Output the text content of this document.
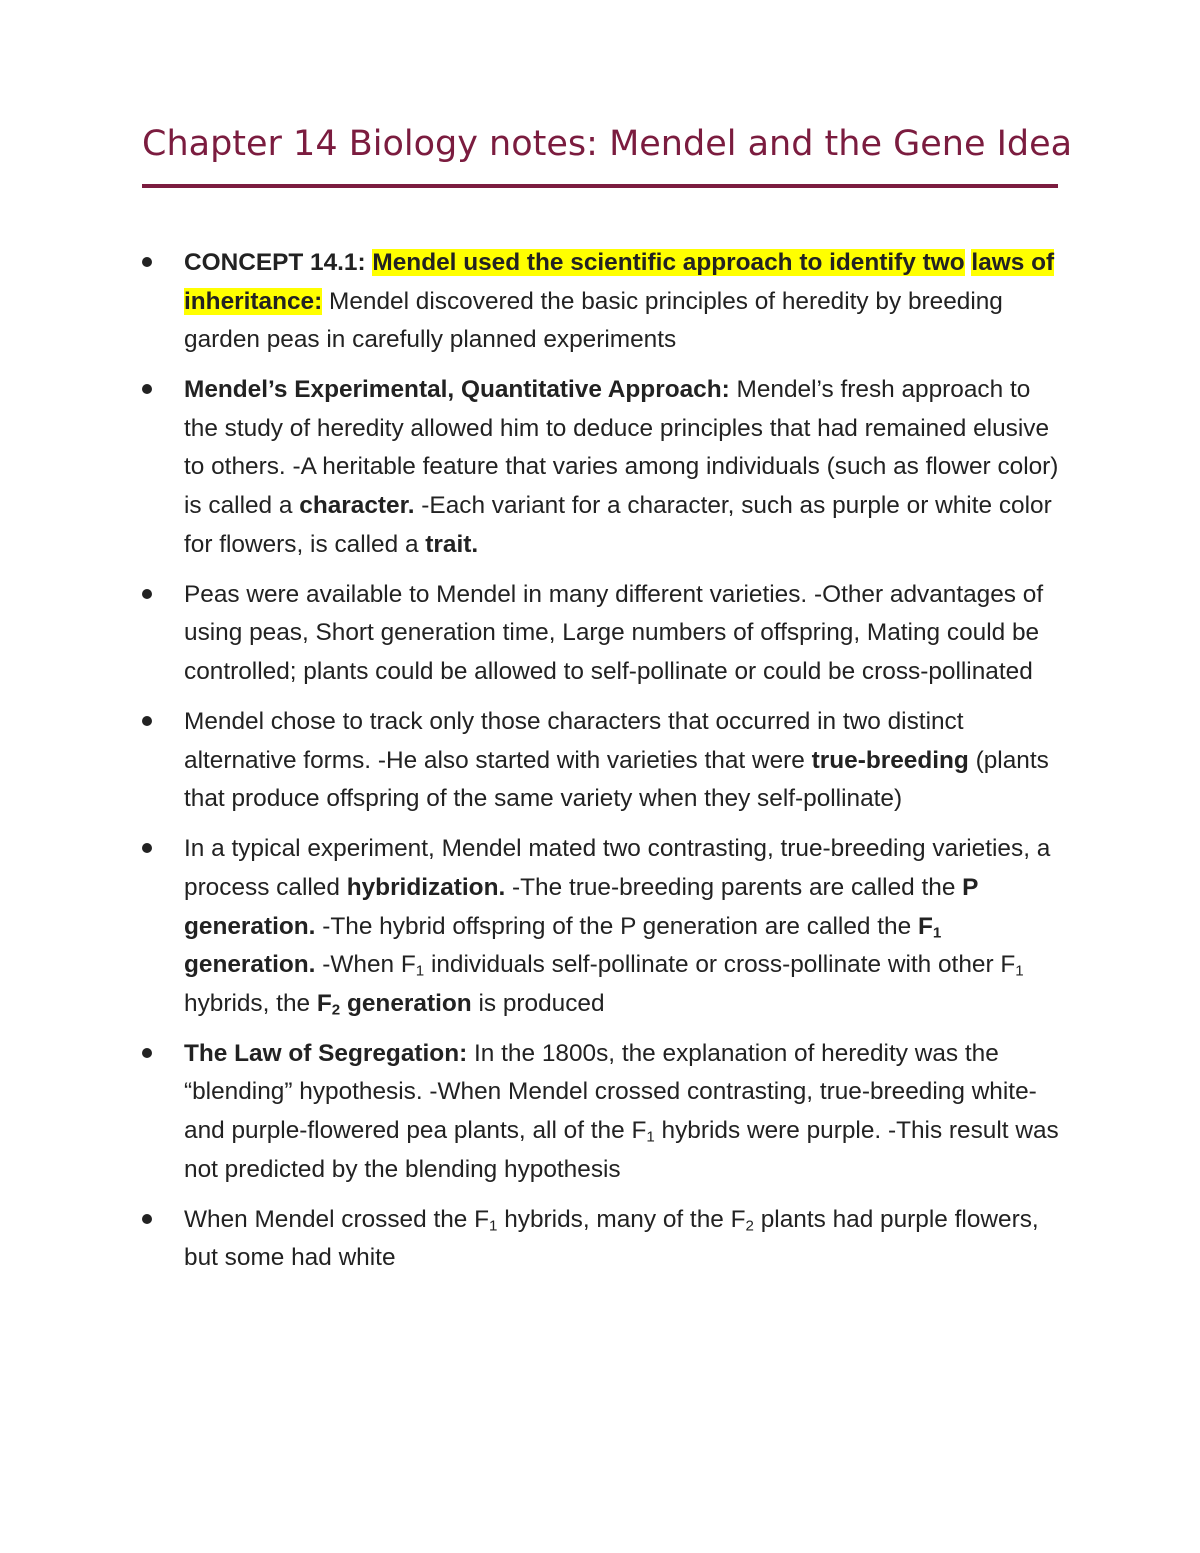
Chapter 14 Biology notes: Mendel and the Gene Idea
CONCEPT 14.1: Mendel used the scientific approach to identify two laws of inheritance: Mendel discovered the basic principles of heredity by breeding garden peas in carefully planned experiments
Mendel’s Experimental, Quantitative Approach: Mendel’s fresh approach to the study of heredity allowed him to deduce principles that had remained elusive to others. -A heritable feature that varies among individuals (such as flower color) is called a character. -Each variant for a character, such as purple or white color for flowers, is called a trait.
Peas were available to Mendel in many different varieties. -Other advantages of using peas, Short generation time, Large numbers of offspring, Mating could be controlled; plants could be allowed to self-pollinate or could be cross-pollinated
Mendel chose to track only those characters that occurred in two distinct alternative forms. -He also started with varieties that were true-breeding (plants that produce offspring of the same variety when they self-pollinate)
In a typical experiment, Mendel mated two contrasting, true-breeding varieties, a process called hybridization. -The true-breeding parents are called the P generation. -The hybrid offspring of the P generation are called the $F_1$ generation. -When $F_1$ individuals self-pollinate or cross-pollinate with other $F_1$ hybrids, the $F_2$ generation is produced
The Law of Segregation: In the 1800s, the explanation of heredity was the “blending” hypothesis. -When Mendel crossed contrasting, true-breeding white- and purple-flowered pea plants, all of the $F_1$ hybrids were purple. -This result was not predicted by the blending hypothesis
When Mendel crossed the $F_1$ hybrids, many of the $F_2$ plants had purple flowers, but some had white
